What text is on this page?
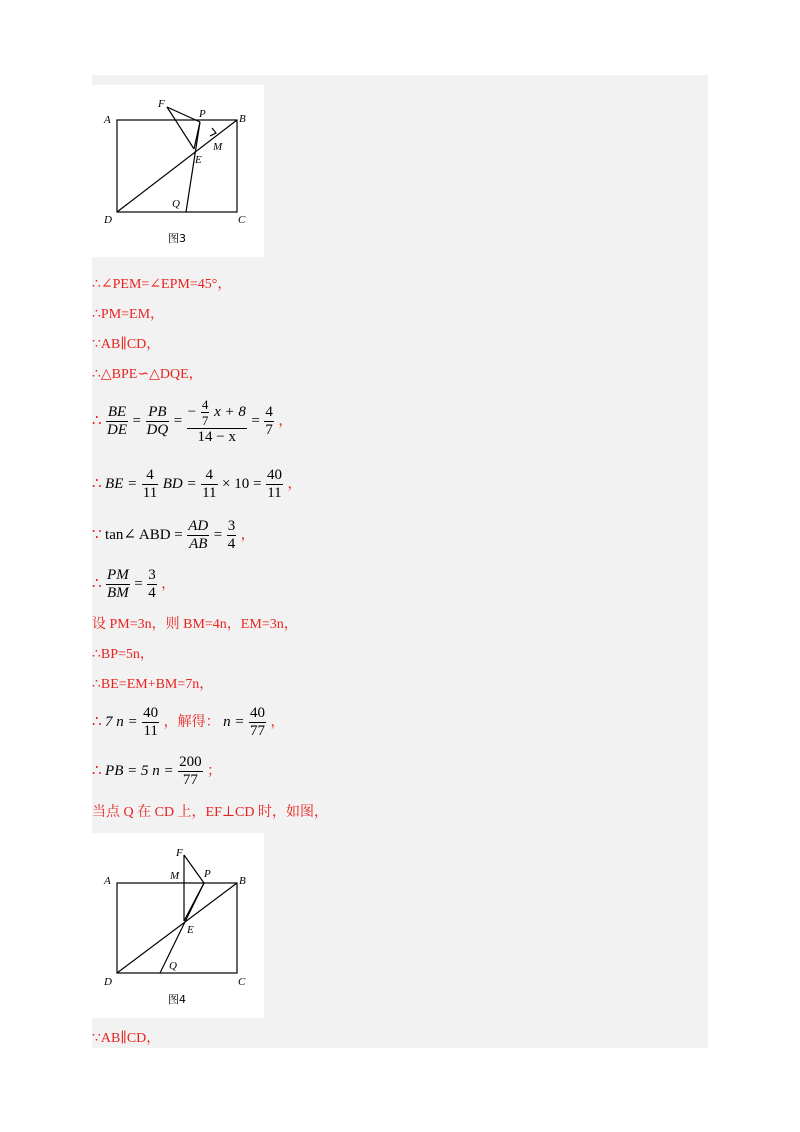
A	B
C
D
E
F
P
M
Q
图3
∴∠PEM=∠EPM=45°，
∴PM=EM，
∵AB∥CD，
∴△BPE∽△DQE，
∴ $\frac{BE}{DE} = \frac{PB}{DQ} = \frac{- \frac{4}{7} x + 8}{14 - x} = \frac{4}{7}$ ，
∴ BE = $\frac{4}{11}$ BD = $\frac{4}{11} \times 10 = \frac{40}{11}$ ，
∵ tan∠ ABD = $\frac{AD}{AB} = \frac{3}{4}$ ，
∴ $\frac{PM}{BM} = \frac{3}{4}$ ，
设 PM=3n，则 BM=4n，EM=3n，
∴BP=5n，
∴BE=EM+BM=7n，
∴ 7 $n = \frac{40}{11}$ ，解得： $n = \frac{40}{77}$ ，
∴ PB = 5 $n = \frac{200}{77}$ ；
当点 Q 在 CD 上，EF⊥CD 时，如图，
A	B
C
D
E
F
P
M
Q
图4
∵AB∥CD，
